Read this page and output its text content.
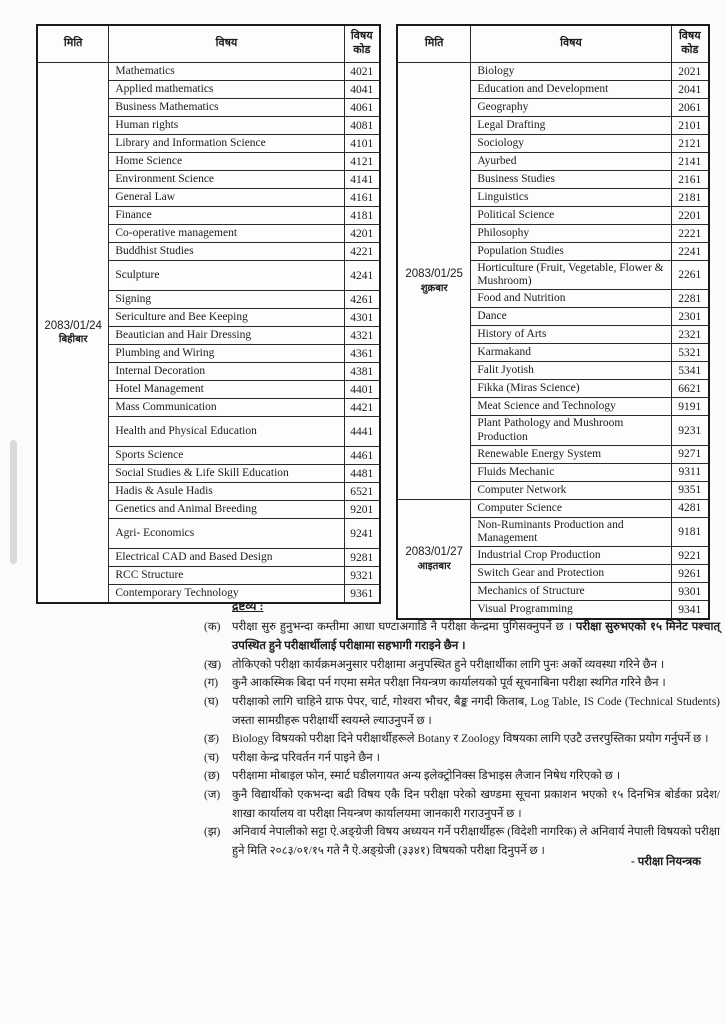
मिति	विषय	विषय कोड
2083/01/24
बिहीबार	Mathematics	4021
	Applied mathematics	4041
	Business Mathematics	4061
	Human rights	4081
	Library and Information Science	4101
	Home Science	4121
	Environment Science	4141
	General Law	4161
	Finance	4181
	Co-operative management	4201
	Buddhist Studies	4221
	Sculpture	4241
	Signing	4261
	Sericulture and Bee Keeping	4301
	Beautician and Hair Dressing	4321
	Plumbing and Wiring	4361
	Internal Decoration	4381
	Hotel Management	4401
	Mass Communication	4421
	Health and Physical Education	4441
	Sports Science	4461
	Social Studies & Life Skill Education	4481
	Hadis & Asule Hadis	6521
	Genetics and Animal Breeding	9201
	Agri- Economics	9241
	Electrical CAD and Based Design	9281
	RCC Structure	9321
	Contemporary Technology	9361
मिति	विषय	विषय कोड
2083/01/25
शुक्रबार	Biology	2021
	Education and Development	2041
	Geography	2061
	Legal Drafting	2101
	Sociology	2121
	Ayurbed	2141
	Business Studies	2161
	Linguistics	2181
	Political Science	2201
	Philosophy	2221
	Population Studies	2241
	Horticulture (Fruit, Vegetable, Flower & Mushroom)	2261
	Food and Nutrition	2281
	Dance	2301
	History of Arts	2321
	Karmakand	5321
	Falit Jyotish	5341
	Fikka (Miras Science)	6621
	Meat Science and Technology	9191
	Plant Pathology and Mushroom Production	9231
	Renewable Energy System	9271
	Fluids Mechanic	9311
	Computer Network	9351
2083/01/27
आइतबार	Computer Science	4281
	Non-Ruminants Production and Management	9181
	Industrial Crop Production	9221
	Switch Gear and Protection	9261
	Mechanics of Structure	9301
	Visual Programming	9341
द्रष्टव्य :
(क)	परीक्षा सुरु हुनुभन्दा कम्तीमा आधा घण्टाअगाडि नै परीक्षा केन्द्रमा पुगिसक्नुपर्ने छ । परीक्षा सुरुभएको १५ मिनेट पश्चात् उपस्थित हुने परीक्षार्थीलाई परीक्षामा सहभागी गराइने छैन ।
(ख) तोकिएको परीक्षा कार्यक्रमअनुसार परीक्षामा अनुपस्थित हुने परीक्षार्थीका लागि पुनः अर्को व्यवस्था गरिने छैन ।
(ग)	कुनै आकस्मिक बिदा पर्न गएमा समेत परीक्षा नियन्त्रण कार्यालयको पूर्व सूचनाबिना परीक्षा स्थगित गरिने छैन ।
(घ)	परीक्षाको लागि चाहिने ग्राफ पेपर, चार्ट, गोश्वरा भौचर, बैङ्क नगदी किताब, Log Table, IS Code (Technical Students) जस्ता सामग्रीहरू परीक्षार्थी स्वयम्ले ल्याउनुपर्ने छ ।
(ङ)	Biology विषयको परीक्षा दिने परीक्षार्थीहरूले Botany र Zoology विषयका लागि एउटै उत्तरपुस्तिका प्रयोग गर्नुपर्ने छ ।
(च)	परीक्षा केन्द्र परिवर्तन गर्न पाइने छैन ।
(छ)	परीक्षामा मोबाइल फोन, स्मार्ट घडीलगायत अन्य इलेक्ट्रोनिक्स डिभाइस लैजान निषेध गरिएको छ ।
(ज)	कुनै विद्यार्थीको एकभन्दा बढी विषय एकै दिन परीक्षा परेको खण्डमा सूचना प्रकाशन भएको १५ दिनभित्र बोर्डका प्रदेश/शाखा कार्यालय वा परीक्षा नियन्त्रण कार्यालयमा जानकारी गराउनुपर्ने छ ।
(झ)	अनिवार्य नेपालीको सट्टा ऐ.अङ्ग्रेजी विषय अध्ययन गर्ने परीक्षार्थीहरू (विदेशी नागरिक) ले अनिवार्य नेपाली विषयको परीक्षा हुने मिति २०८३/०१/१५ गते नै ऐ.अङ्ग्रेजी (३३४१) विषयको परीक्षा दिनुपर्ने छ ।
- परीक्षा नियन्त्रक
